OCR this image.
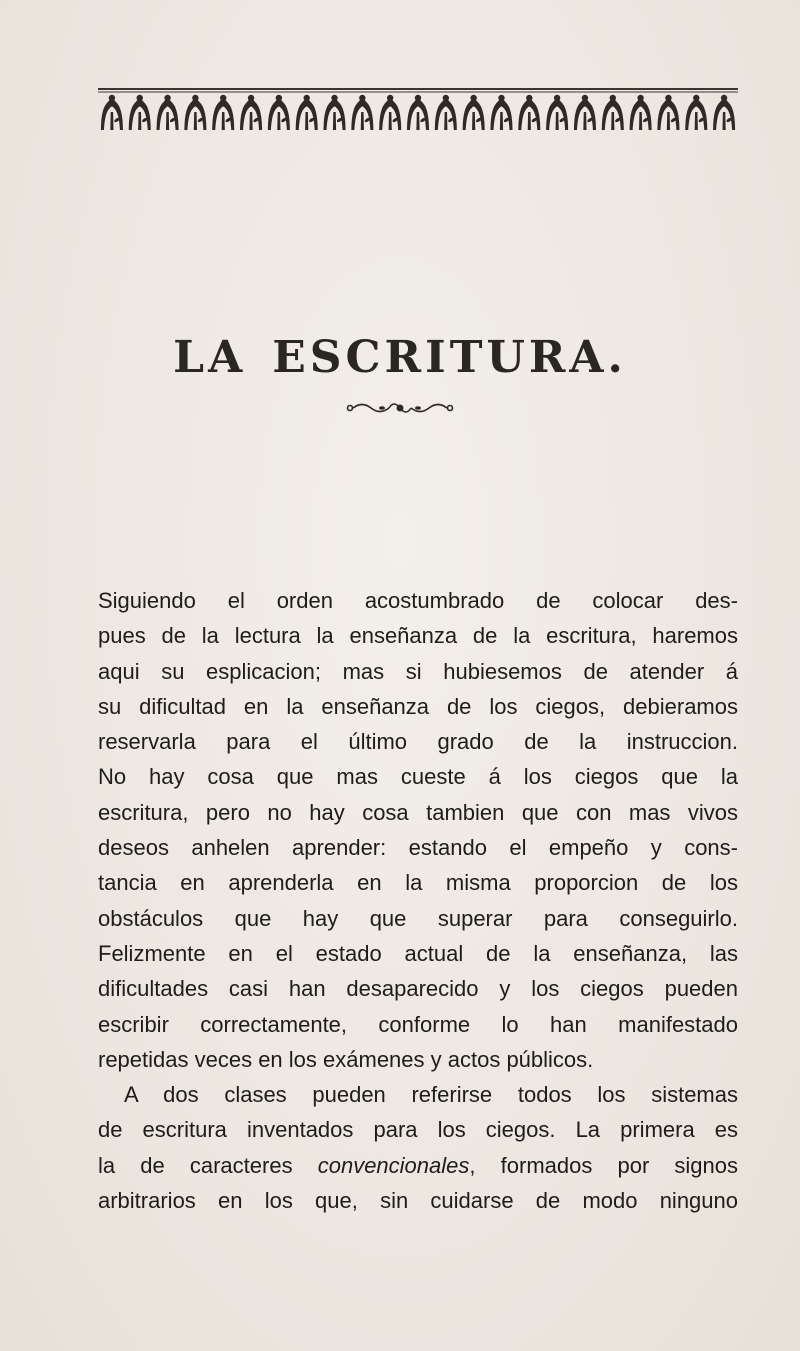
LA ESCRITURA.

Siguiendo el orden acostumbrado de colocar des-
pues de la lectura la enseñanza de la escritura, haremos
aqui su esplicacion; mas si hubiesemos de atender á
su dificultad en la enseñanza de los ciegos, debieramos
reservarla para el último grado de la instruccion.
No hay cosa que mas cueste á los ciegos que la
escritura, pero no hay cosa tambien que con mas vivos
deseos anhelen aprender: estando el empeño y cons-
tancia en aprenderla en la misma proporcion de los
obstáculos que hay que superar para conseguirlo.
Felizmente en el estado actual de la enseñanza, las
dificultades casi han desaparecido y los ciegos pueden
escribir correctamente, conforme lo han manifestado
repetidas veces en los exámenes y actos públicos.

A dos clases pueden referirse todos los sistemas
de escritura inventados para los ciegos. La primera es
la de caracteres convencionales, formados por signos
arbitrarios en los que, sin cuidarse de modo ninguno
